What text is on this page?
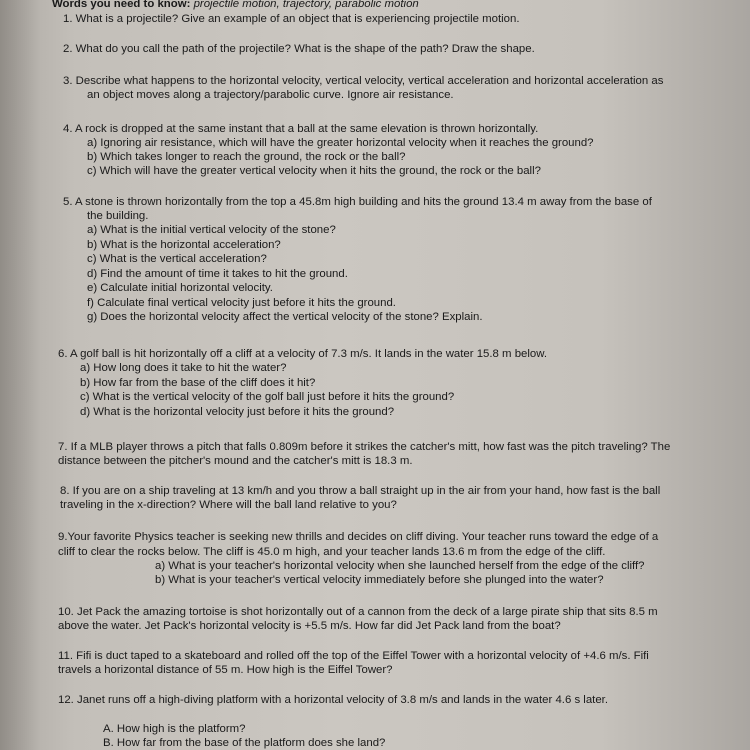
Words you need to know: projectile motion, trajectory, parabolic motion
1. What is a projectile? Give an example of an object that is experiencing projectile motion.
2. What do you call the path of the projectile? What is the shape of the path? Draw the shape.
3. Describe what happens to the horizontal velocity, vertical velocity, vertical acceleration and horizontal acceleration as
an object moves along a trajectory/parabolic curve. Ignore air resistance.
4. A rock is dropped at the same instant that a ball at the same elevation is thrown horizontally.
a) Ignoring air resistance, which will have the greater horizontal velocity when it reaches the ground?
b) Which takes longer to reach the ground, the rock or the ball?
c) Which will have the greater vertical velocity when it hits the ground, the rock or the ball?
5. A stone is thrown horizontally from the top a 45.8m high building and hits the ground 13.4 m away from the base of
the building.
a) What is the initial vertical velocity of the stone?
b) What is the horizontal acceleration?
c) What is the vertical acceleration?
d) Find the amount of time it takes to hit the ground.
e) Calculate initial horizontal velocity.
f) Calculate final vertical velocity just before it hits the ground.
g) Does the horizontal velocity affect the vertical velocity of the stone? Explain.
6. A golf ball is hit horizontally off a cliff at a velocity of 7.3 m/s. It lands in the water 15.8 m below.
a) How long does it take to hit the water?
b) How far from the base of the cliff does it hit?
c) What is the vertical velocity of the golf ball just before it hits the ground?
d) What is the horizontal velocity just before it hits the ground?
7. If a MLB player throws a pitch that falls 0.809m before it strikes the catcher's mitt, how fast was the pitch traveling? The
distance between the pitcher's mound and the catcher's mitt is 18.3 m.
8. If you are on a ship traveling at 13 km/h and you throw a ball straight up in the air from your hand, how fast is the ball
traveling in the x-direction? Where will the ball land relative to you?
9.Your favorite Physics teacher is seeking new thrills and decides on cliff diving. Your teacher runs toward the edge of a
cliff to clear the rocks below. The cliff is 45.0 m high, and your teacher lands 13.6 m from the edge of the cliff.
a) What is your teacher's horizontal velocity when she launched herself from the edge of the cliff?
b) What is your teacher's vertical velocity immediately before she plunged into the water?
10. Jet Pack the amazing tortoise is shot horizontally out of a cannon from the deck of a large pirate ship that sits 8.5 m
above the water. Jet Pack's horizontal velocity is +5.5 m/s. How far did Jet Pack land from the boat?
11. Fifi is duct taped to a skateboard and rolled off the top of the Eiffel Tower with a horizontal velocity of +4.6 m/s. Fifi
travels a horizontal distance of 55 m. How high is the Eiffel Tower?
12. Janet runs off a high-diving platform with a horizontal velocity of 3.8 m/s and lands in the water 4.6 s later.
A. How high is the platform?
B. How far from the base of the platform does she land?
